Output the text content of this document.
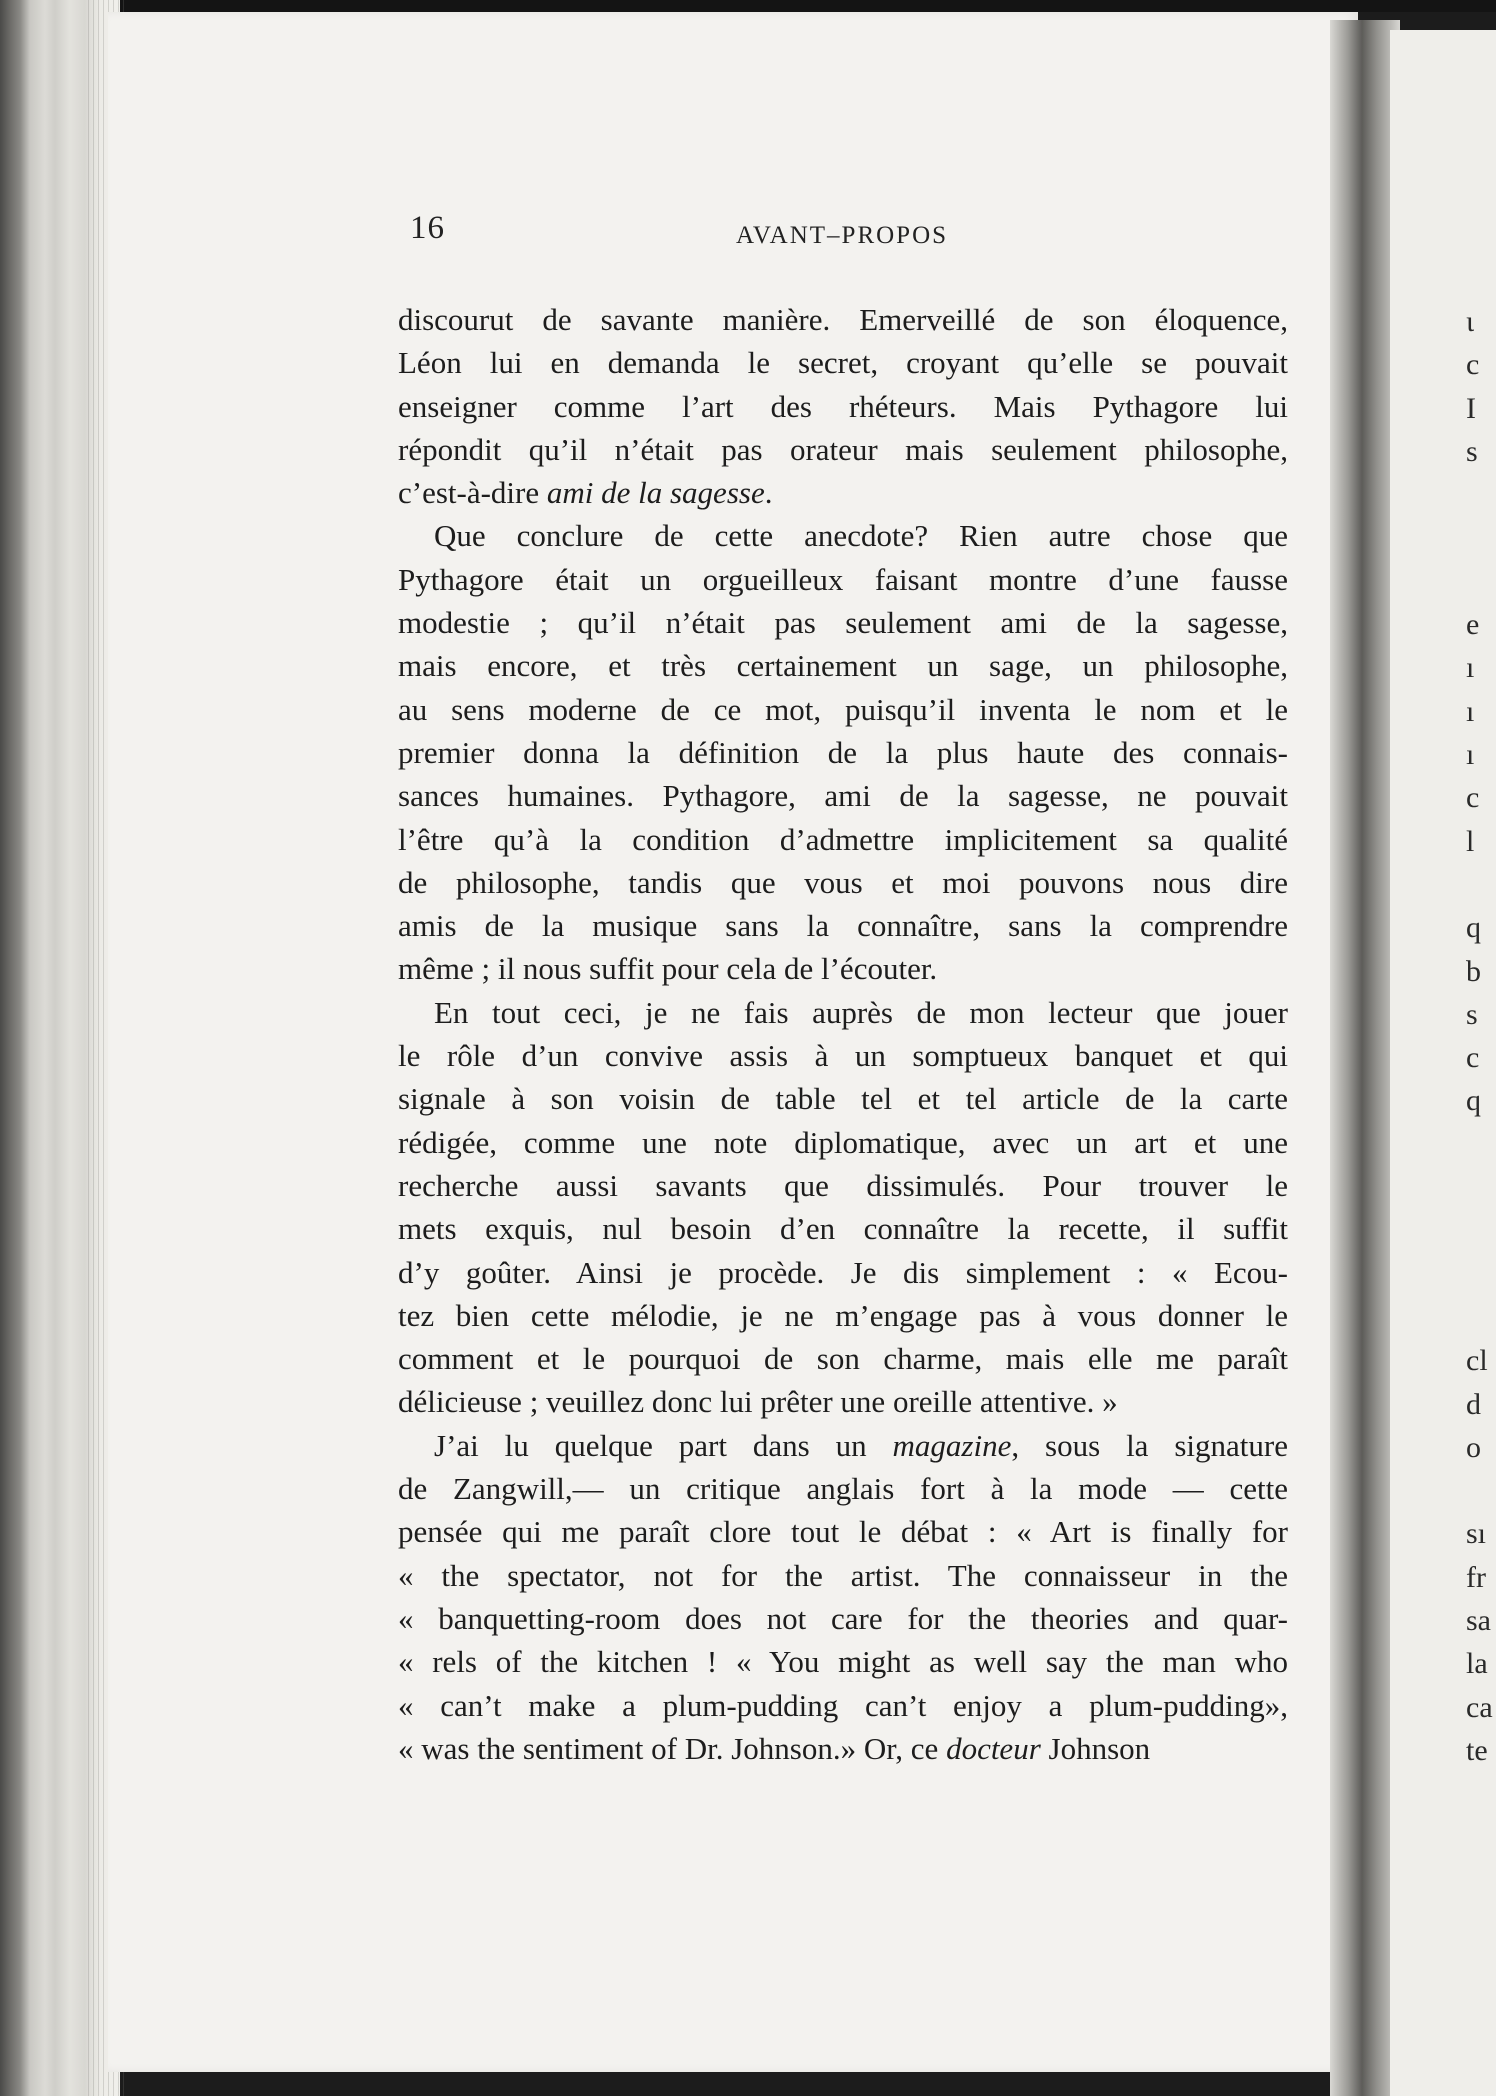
ɩ
c
I
s
e
ı
ı
ı
c
l
q
b
s
c
q
cl
d
o
sı
fr
sa
la
ca
te
16	AVANT–PROPOS
discourut de savante manière. Emerveillé de son éloquence,
Léon lui en demanda le secret, croyant qu’elle se pouvait
enseigner comme l’art des rhéteurs. Mais Pythagore lui
répondit qu’il n’était pas orateur mais seulement philosophe,
c’est-à-dire ami de la sagesse.
Que conclure de cette anecdote? Rien autre chose que
Pythagore était un orgueilleux faisant montre d’une fausse
modestie ; qu’il n’était pas seulement ami de la sagesse,
mais encore, et très certainement un sage, un philosophe,
au sens moderne de ce mot, puisqu’il inventa le nom et le
premier donna la définition de la plus haute des connais-
sances humaines. Pythagore, ami de la sagesse, ne pouvait
l’être qu’à la condition d’admettre implicitement sa qualité
de philosophe, tandis que vous et moi pouvons nous dire
amis de la musique sans la connaître, sans la comprendre
même ; il nous suffit pour cela de l’écouter.
En tout ceci, je ne fais auprès de mon lecteur que jouer
le rôle d’un convive assis à un somptueux banquet et qui
signale à son voisin de table tel et tel article de la carte
rédigée, comme une note diplomatique, avec un art et une
recherche aussi savants que dissimulés. Pour trouver le
mets exquis, nul besoin d’en connaître la recette, il suffit
d’y goûter. Ainsi je procède. Je dis simplement : « Ecou-
tez bien cette mélodie, je ne m’engage pas à vous donner le
comment et le pourquoi de son charme, mais elle me paraît
délicieuse ; veuillez donc lui prêter une oreille attentive. »
J’ai lu quelque part dans un magazine, sous la signature
de Zangwill,— un critique anglais fort à la mode — cette
pensée qui me paraît clore tout le débat : « Art is finally for
« the spectator, not for the artist. The connaisseur in the
« banquetting-room does not care for the theories and quar-
« rels of the kitchen ! « You might as well say the man who
« can’t make a plum-pudding can’t enjoy a plum-pudding»,
« was the sentiment of Dr. Johnson.» Or, ce docteur Johnson
